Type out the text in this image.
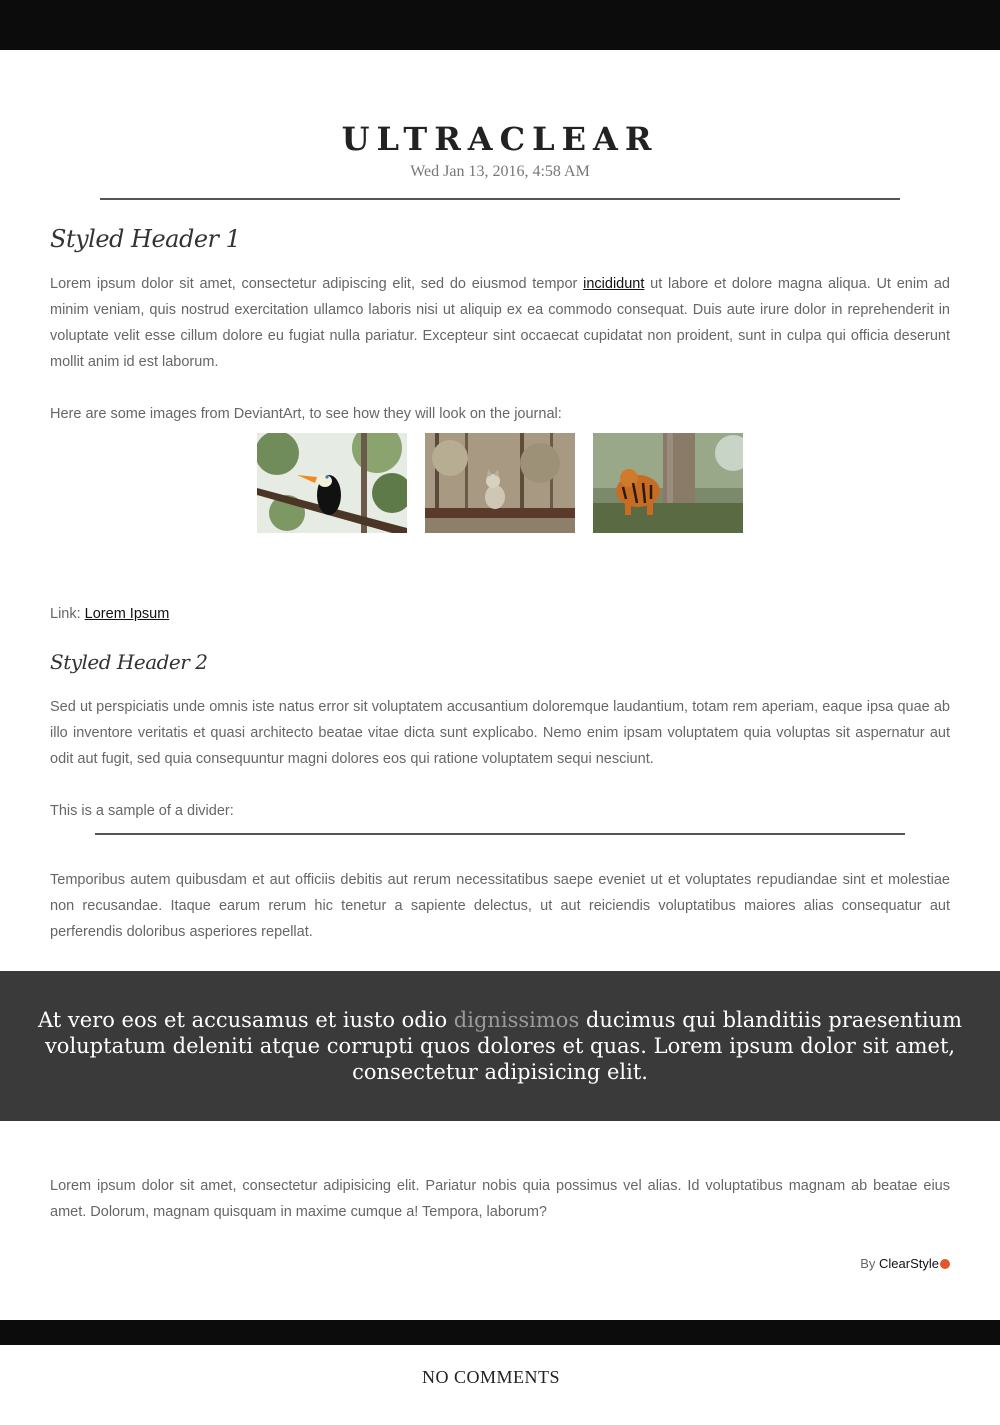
ULTRACLEAR
Wed Jan 13, 2016, 4:58 AM
Styled Header 1

Lorem ipsum dolor sit amet, consectetur adipiscing elit, sed do eiusmod tempor incididunt ut labore et dolore magna aliqua. Ut enim ad minim veniam, quis nostrud exercitation ullamco laboris nisi ut aliquip ex ea commodo consequat. Duis aute irure dolor in reprehenderit in voluptate velit esse cillum dolore eu fugiat nulla pariatur. Excepteur sint occaecat cupidatat non proident, sunt in culpa qui officia deserunt mollit anim id est laborum.

Here are some images from DeviantArt, to see how they will look on the journal:

Link: Lorem Ipsum

Styled Header 2

Sed ut perspiciatis unde omnis iste natus error sit voluptatem accusantium doloremque laudantium, totam rem aperiam, eaque ipsa quae ab illo inventore veritatis et quasi architecto beatae vitae dicta sunt explicabo. Nemo enim ipsam voluptatem quia voluptas sit aspernatur aut odit aut fugit, sed quia consequuntur magni dolores eos qui ratione voluptatem sequi nesciunt.

This is a sample of a divider:

Temporibus autem quibusdam et aut officiis debitis aut rerum necessitatibus saepe eveniet ut et voluptates repudiandae sint et molestiae non recusandae. Itaque earum rerum hic tenetur a sapiente delectus, ut aut reiciendis voluptatibus maiores alias consequatur aut perferendis doloribus asperiores repellat.

At vero eos et accusamus et iusto odio dignissimos ducimus qui blanditiis praesentium voluptatum deleniti atque corrupti quos dolores et quas. Lorem ipsum dolor sit amet, consectetur adipisicing elit.

Lorem ipsum dolor sit amet, consectetur adipisicing elit. Pariatur nobis quia possimus vel alias. Id voluptatibus magnam ab beatae eius amet. Dolorum, magnam quisquam in maxime cumque a! Tempora, laborum?

By ClearStyle
NO COMMENTS
